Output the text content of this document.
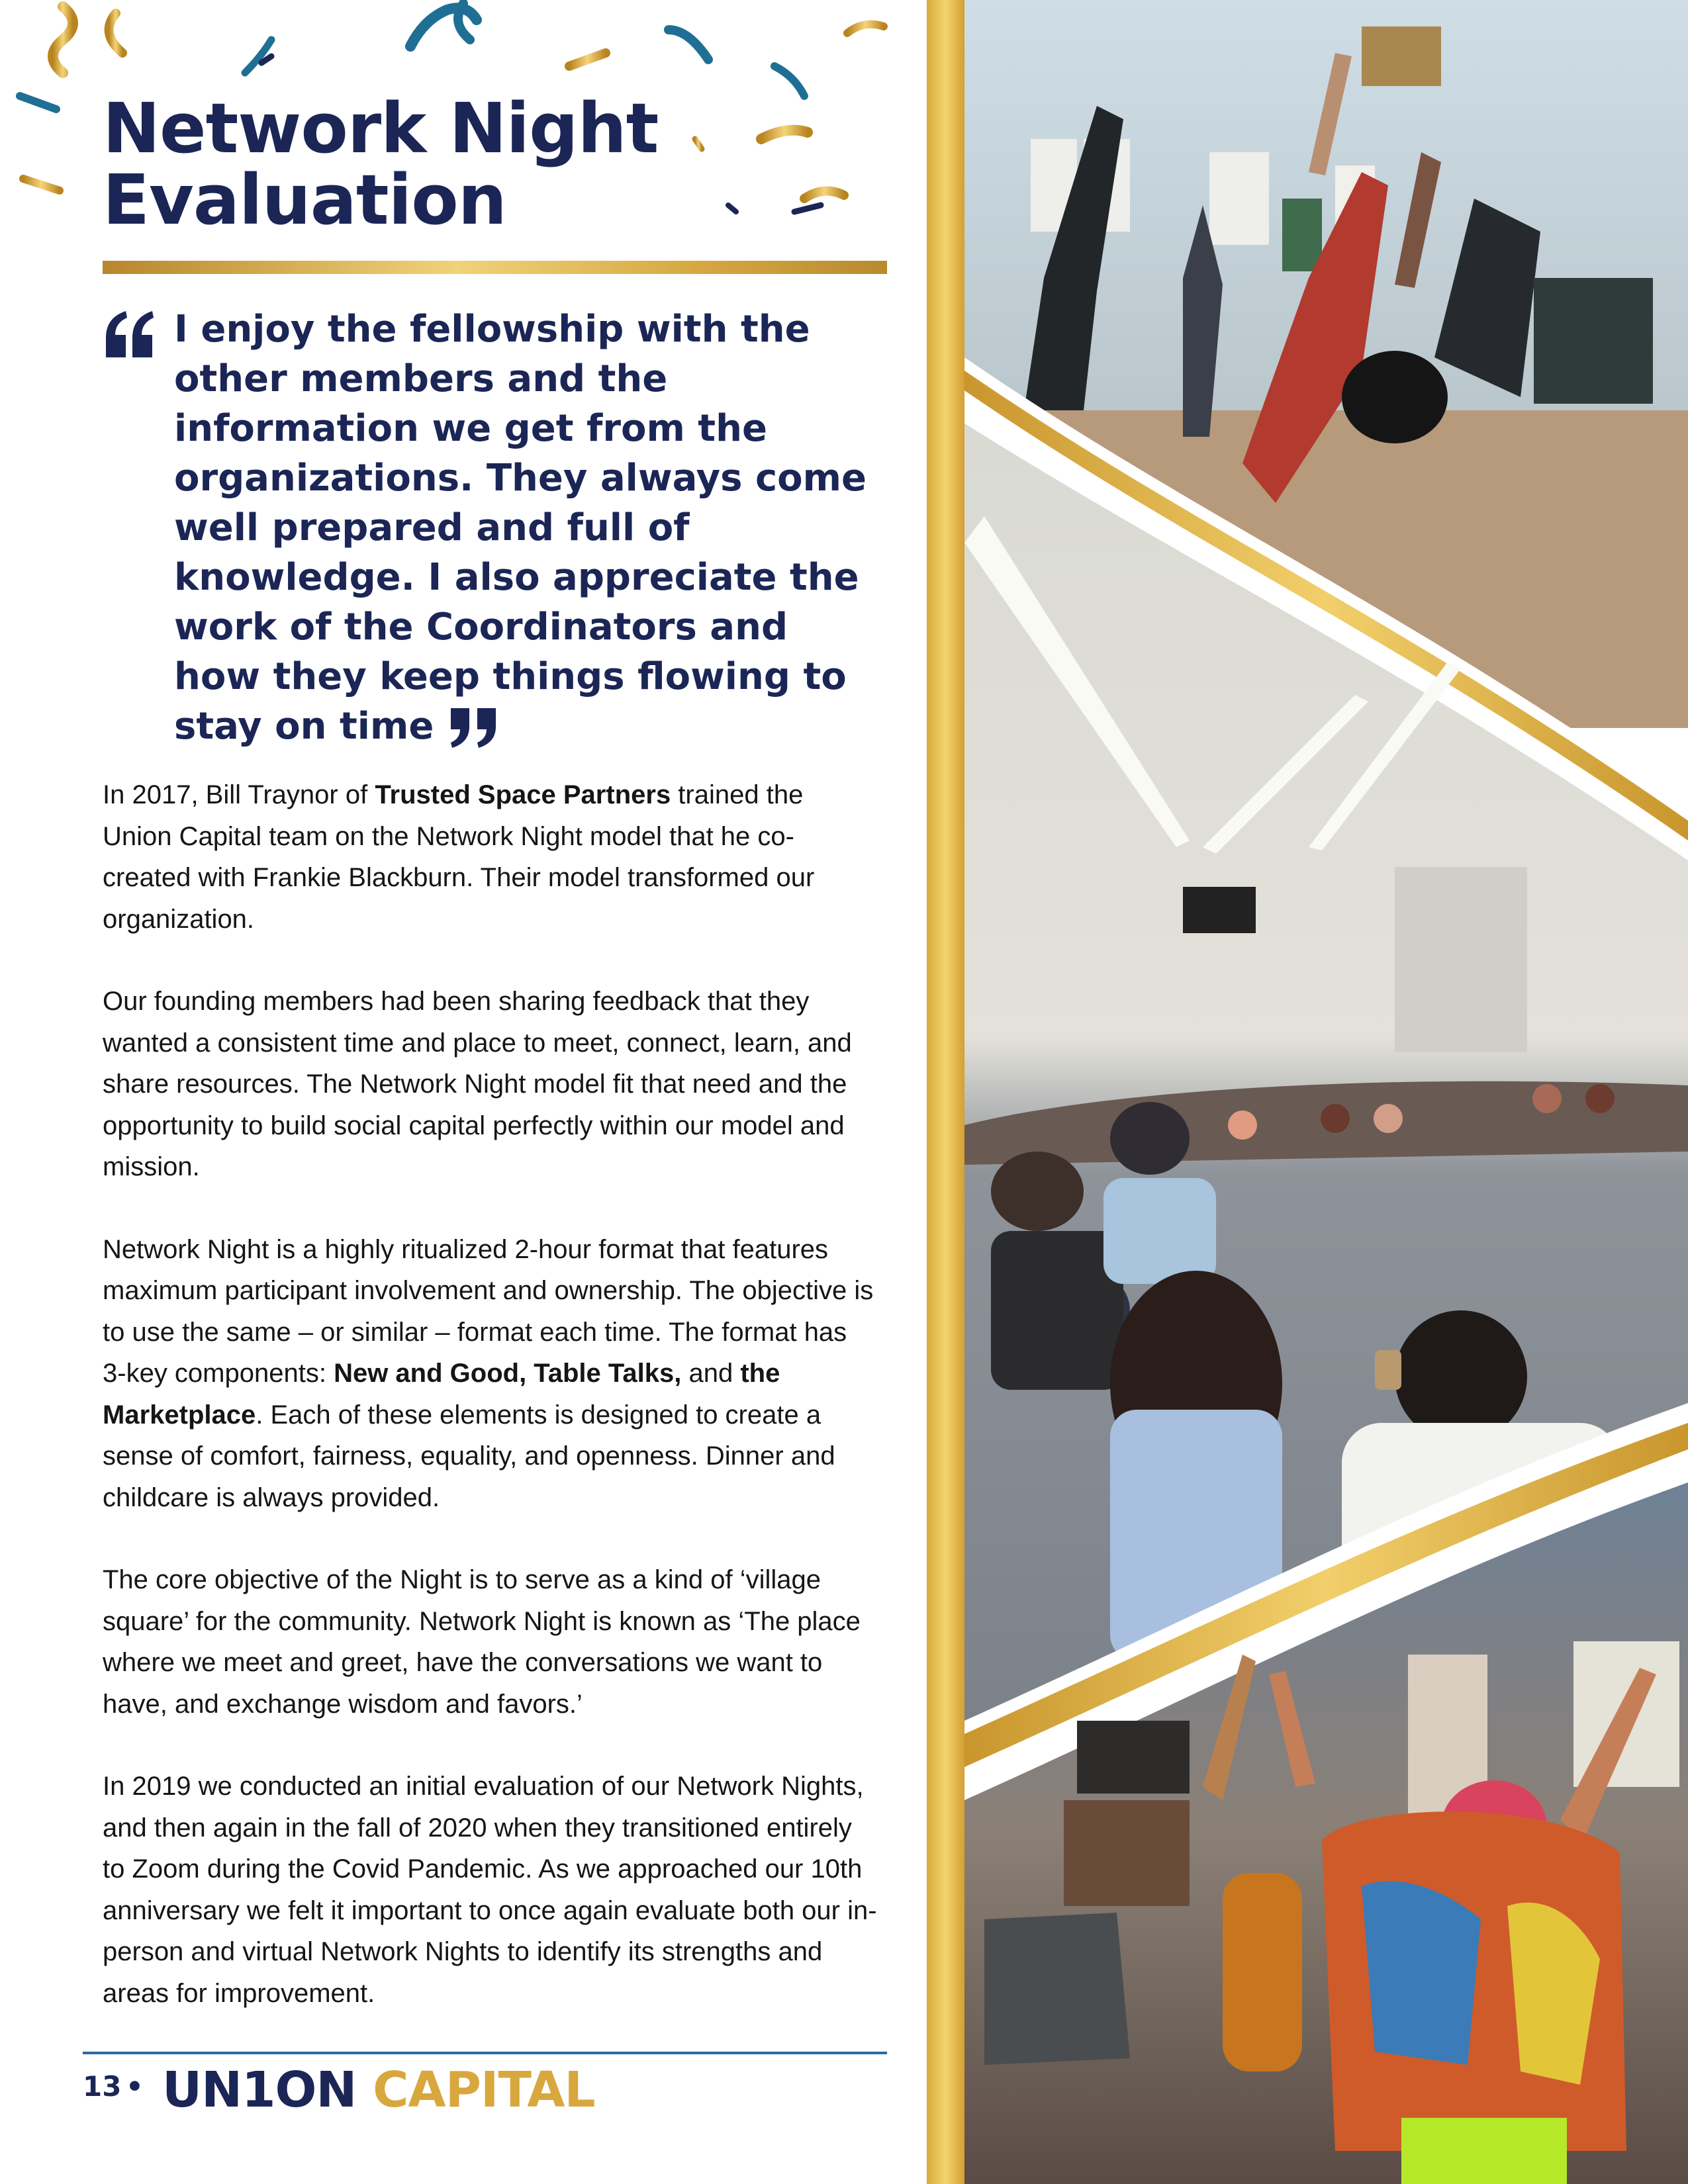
Network Night
Evaluation

I enjoy the fellowship with the other members and the information we get from the organizations. They always come well prepared and full of knowledge. I also appreciate the work of the Coordinators and how they keep things flowing to stay on time

In 2017, Bill Traynor of Trusted Space Partners trained the Union Capital team on the Network Night model that he co-created with Frankie Blackburn. Their model transformed our organization.

Our founding members had been sharing feedback that they wanted a consistent time and place to meet, connect, learn, and share resources. The Network Night model fit that need and the opportunity to build social capital perfectly within our model and mission.

Network Night is a highly ritualized 2-hour format that features maximum participant involvement and ownership. The objective is to use the same – or similar – format each time. The format has 3-key components: New and Good, Table Talks, and the Marketplace. Each of these elements is designed to create a sense of comfort, fairness, equality, and openness. Dinner and childcare is always provided.

The core objective of the Night is to serve as a kind of ‘village square’ for the community. Network Night is known as ‘The place where we meet and greet, have the conversations we want to have, and exchange wisdom and favors.’

In 2019 we conducted an initial evaluation of our Network Nights, and then again in the fall of 2020 when they transitioned entirely to Zoom during the Covid Pandemic. As we approached our 10th anniversary we felt it important to once again evaluate both our in-person and virtual Network Nights to identify its strengths and areas for improvement.

13 • UN1ON CAPITAL
